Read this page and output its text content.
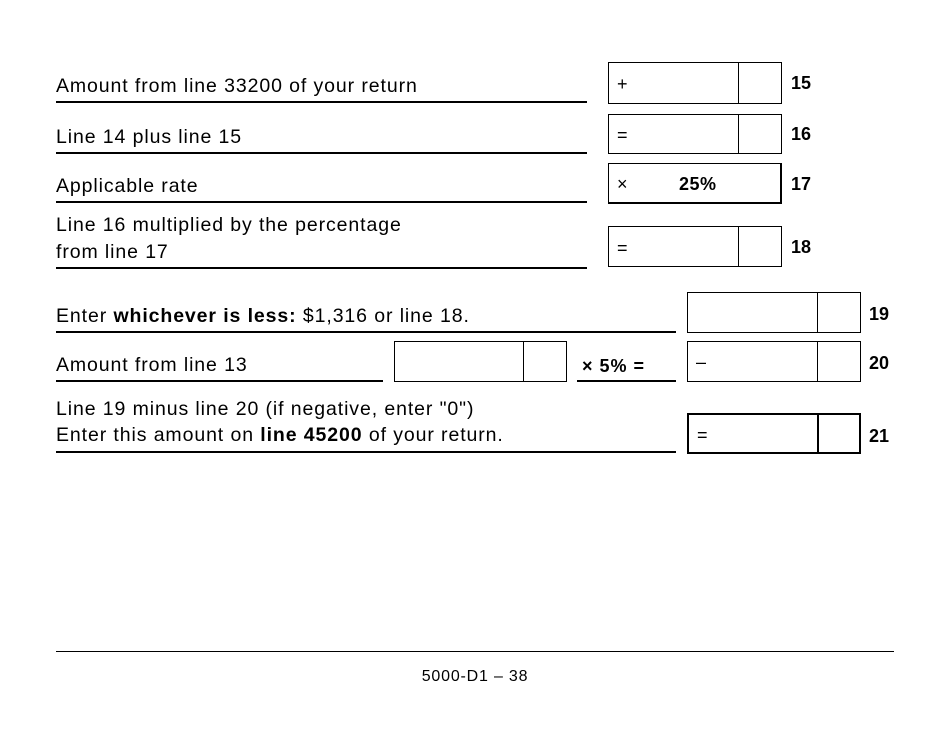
Amount from line 33200 of your return	+	15
Line 14 plus line 15	=	16
Applicable rate	×	25%	17
Line 16 multiplied by the percentage
from line 17	=	18
Enter whichever is less: $1,316 or line 18.	19
Amount from line 13	× 5% =	–	20
Line 19 minus line 20 (if negative, enter "0")
Enter this amount on line 45200 of your return.	=	21
5000-D1 – 38
